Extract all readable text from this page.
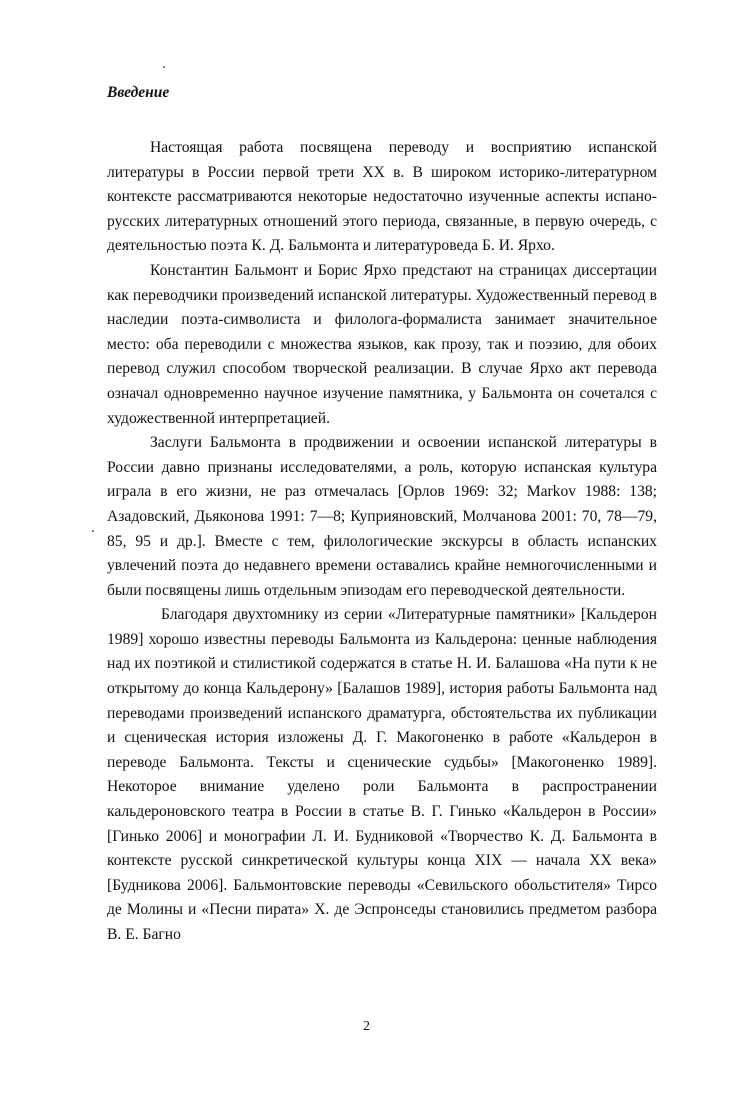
Введение

Настоящая работа посвящена переводу и восприятию испанской литературы в России первой трети XX в. В широком историко-литературном контексте рассматриваются некоторые недостаточно изученные аспекты испано-русских литературных отношений этого периода, связанные, в первую очередь, с деятельностью поэта К. Д. Бальмонта и литературоведа Б. И. Ярхо.

Константин Бальмонт и Борис Ярхо предстают на страницах диссертации как переводчики произведений испанской литературы. Художественный перевод в наследии поэта-символиста и филолога-формалиста занимает значительное место: оба переводили с множества языков, как прозу, так и поэзию, для обоих перевод служил способом творческой реализации. В случае Ярхо акт перевода означал одновременно научное изучение памятника, у Бальмонта он сочетался с художественной интерпретацией.

Заслуги Бальмонта в продвижении и освоении испанской литературы в России давно признаны исследователями, а роль, которую испанская культура играла в его жизни, не раз отмечалась [Орлов 1969: 32; Markov 1988: 138; Азадовский, Дьяконова 1991: 7—8; Куприяновский, Молчанова 2001: 70, 78—79, 85, 95 и др.]. Вместе с тем, филологические экскурсы в область испанских увлечений поэта до недавнего времени оставались крайне немногочисленными и были посвящены лишь отдельным эпизодам его переводческой деятельности.

Благодаря двухтомнику из серии «Литературные памятники» [Кальдерон 1989] хорошо известны переводы Бальмонта из Кальдерона: ценные наблюдения над их поэтикой и стилистикой содержатся в статье Н. И. Балашова «На пути к не открытому до конца Кальдерону» [Балашов 1989], история работы Бальмонта над переводами произведений испанского драматурга, обстоятельства их публикации и сценическая история изложены Д. Г. Макогоненко в работе «Кальдерон в переводе Бальмонта. Тексты и сценические судьбы» [Макогоненко 1989]. Некоторое внимание уделено роли Бальмонта в распространении кальдероновского театра в России в статье В. Г. Гинько «Кальдерон в России» [Гинько 2006] и монографии Л. И. Будниковой «Творчество К. Д. Бальмонта в контексте русской синкретической культуры конца XIX — начала XX века» [Будникова 2006]. Бальмонтовские переводы «Севильского обольстителя» Тирсо де Молины и «Песни пирата» Х. де Эспронседы становились предметом разбора В. Е. Багно

2
